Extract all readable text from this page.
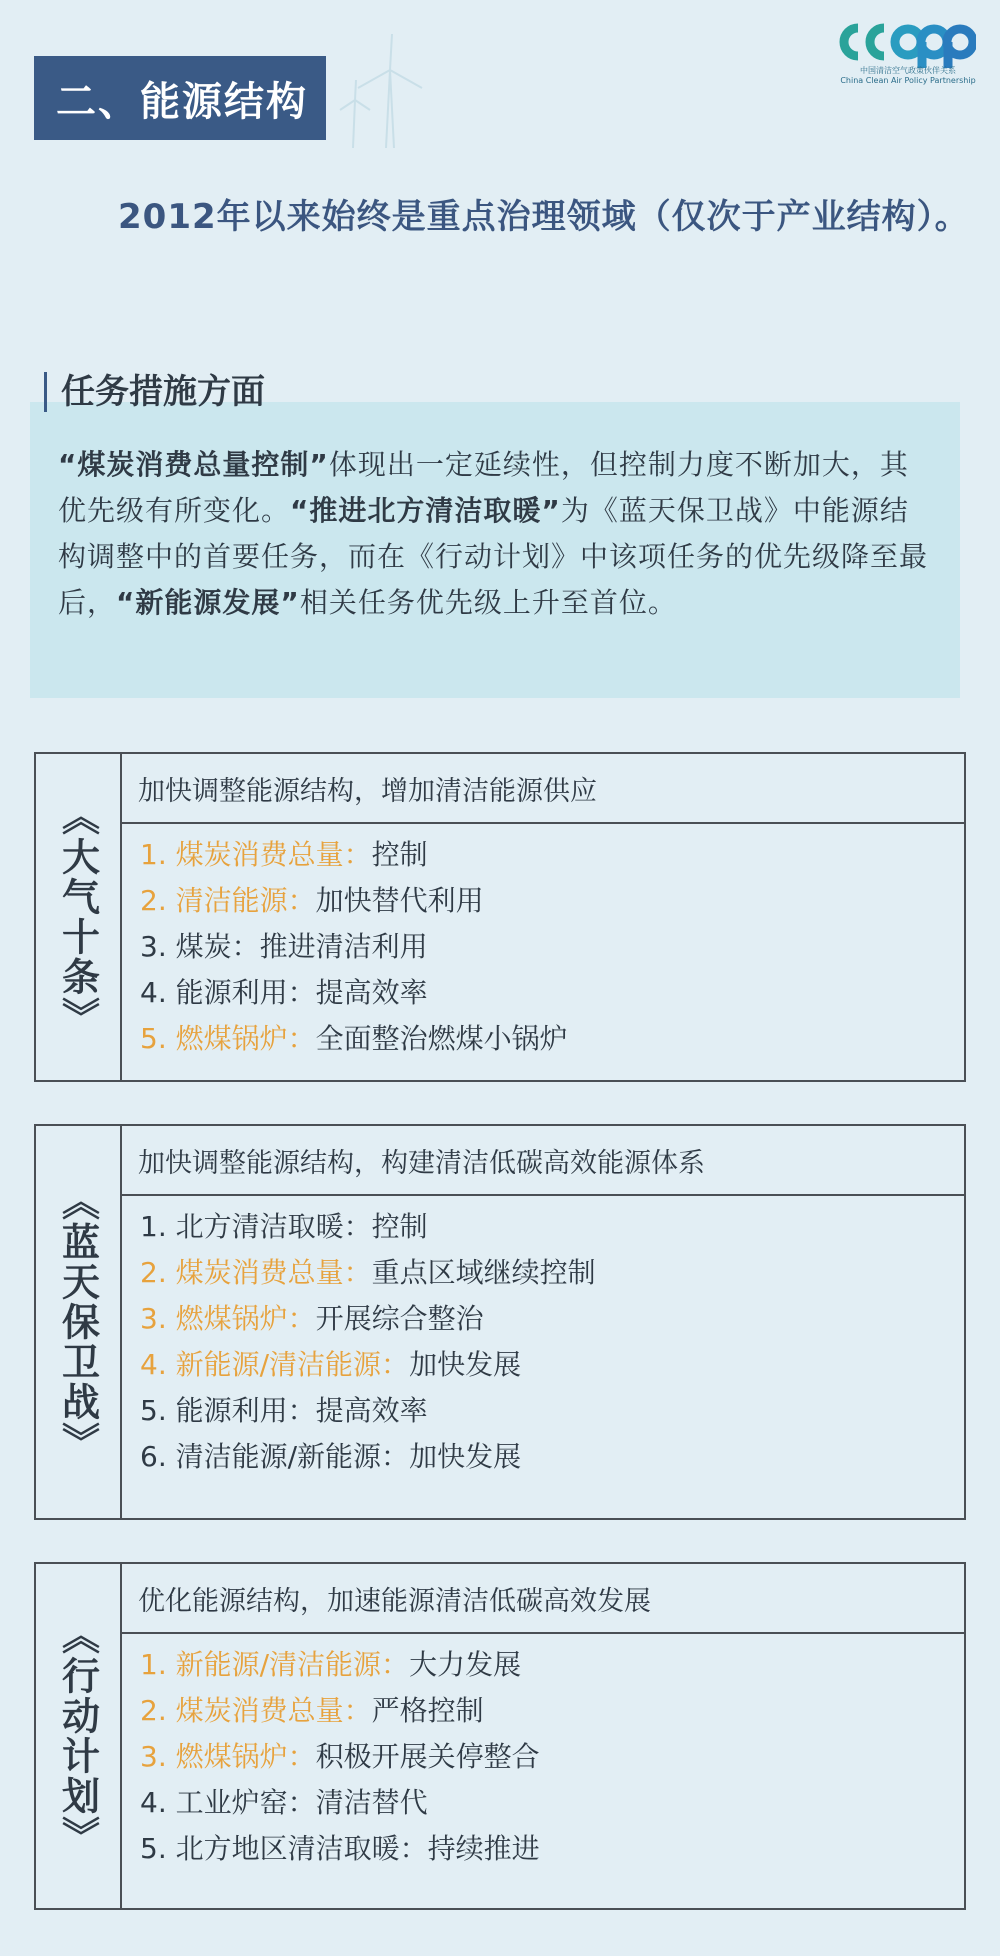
二、能源结构
中国清洁空气政策伙伴关系
China Clean Air Policy Partnership

2012年以来始终是重点治理领域（仅次于产业结构）。

“煤炭消费总量控制”体现出一定延续性，但控制力度不断加大，其优先级有所变化。“推进北方清洁取暖”为《蓝天保卫战》中能源结构调整中的首要任务，而在《行动计划》中该项任务的优先级降至最后，“新能源发展”相关任务优先级上升至首位。

任务措施方面
《大气十条》
加快调整能源结构，增加清洁能源供应
1. 煤炭消费总量：控制
2. 清洁能源：加快替代利用
3. 煤炭：推进清洁利用
4. 能源利用：提高效率
5. 燃煤锅炉：全面整治燃煤小锅炉
《蓝天保卫战》
加快调整能源结构，构建清洁低碳高效能源体系
1. 北方清洁取暖：控制
2. 煤炭消费总量：重点区域继续控制
3. 燃煤锅炉：开展综合整治
4. 新能源/清洁能源：加快发展
5. 能源利用：提高效率
6. 清洁能源/新能源：加快发展
《行动计划》
优化能源结构，加速能源清洁低碳高效发展
1. 新能源/清洁能源：大力发展
2. 煤炭消费总量：严格控制
3. 燃煤锅炉：积极开展关停整合
4. 工业炉窑：清洁替代
5. 北方地区清洁取暖：持续推进
